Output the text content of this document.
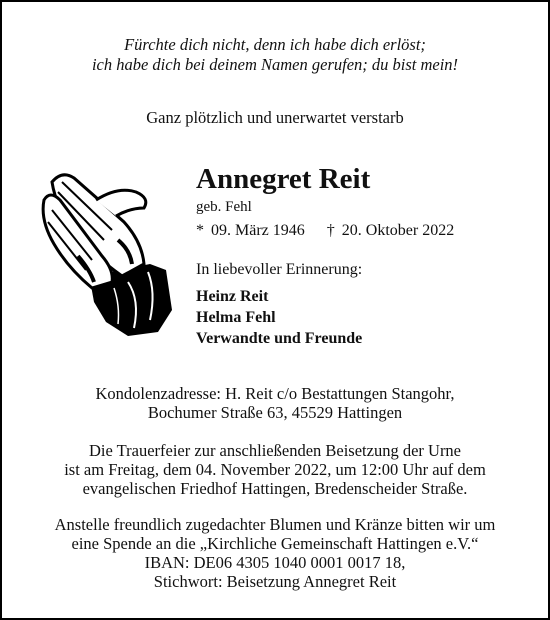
Fürchte dich nicht, denn ich habe dich erlöst;
ich habe dich bei deinem Namen gerufen; du bist mein!
Ganz plötzlich und unerwartet verstarb
Annegret Reit
geb. Fehl
* 09. März 1946 † 20. Oktober 2022
In liebevoller Erinnerung:
Heinz Reit
Helma Fehl
Verwandte und Freunde
Kondolenzadresse: H. Reit c/o Bestattungen Stangohr,
Bochumer Straße 63, 45529 Hattingen
Die Trauerfeier zur anschließenden Beisetzung der Urne
ist am Freitag, dem 04. November 2022, um 12:00 Uhr auf dem
evangelischen Friedhof Hattingen, Bredenscheider Straße.
Anstelle freundlich zugedachter Blumen und Kränze bitten wir um
eine Spende an die „Kirchliche Gemeinschaft Hattingen e.V.“
IBAN: DE06 4305 1040 0001 0017 18,
Stichwort: Beisetzung Annegret Reit
